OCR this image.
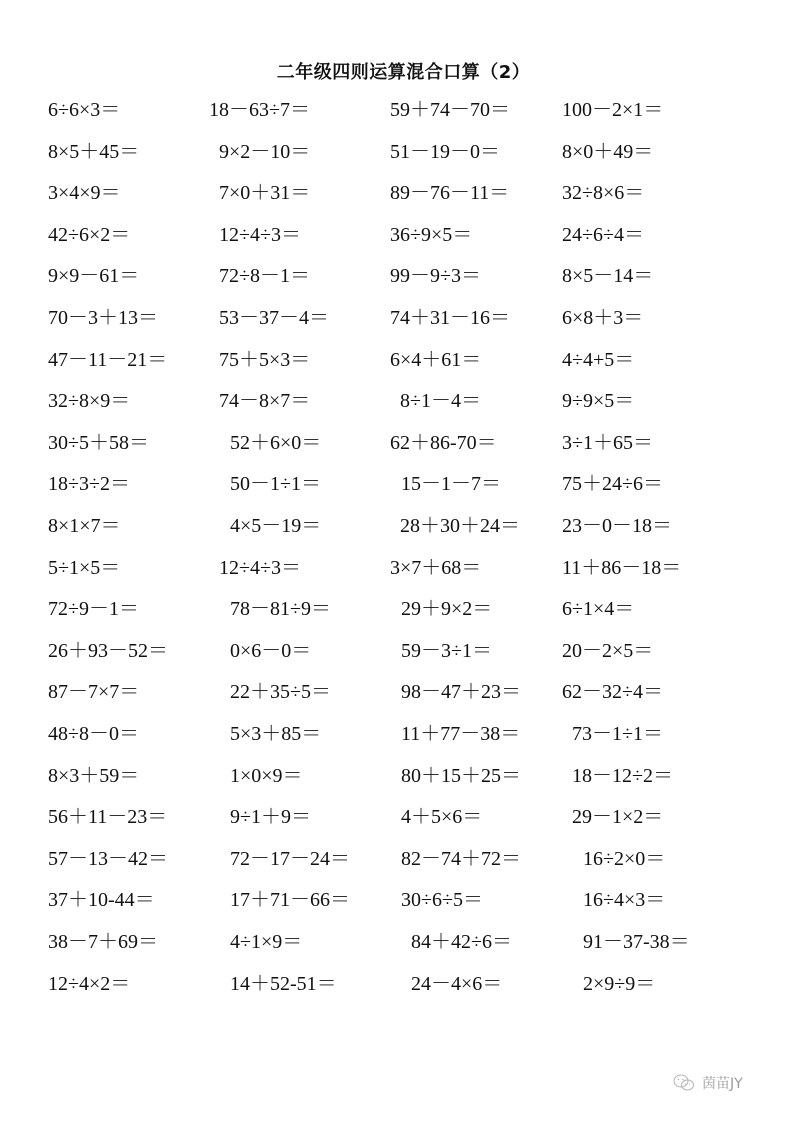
二年级四则运算混合口算（2）
6÷6×3＝	18－63÷7＝	59＋74－70＝	100－2×1＝
8×5＋45＝	9×2－10＝	51－19－0＝	8×0＋49＝
3×4×9＝	7×0＋31＝	89－76－11＝	32÷8×6＝
42÷6×2＝	12÷4÷3＝	36÷9×5＝	24÷6÷4＝
9×9－61＝	72÷8－1＝	99－9÷3＝	8×5－14＝
70－3＋13＝	53－37－4＝	74＋31－16＝	6×8＋3＝
47－11－21＝	75＋5×3＝	6×4＋61＝	4÷4+5＝
32÷8×9＝	74－8×7＝	8÷1－4＝	9÷9×5＝
30÷5＋58＝	52＋6×0＝	62＋86-70＝	3÷1＋65＝
18÷3÷2＝	50－1÷1＝	15－1－7＝	75＋24÷6＝
8×1×7＝	4×5－19＝	28＋30＋24＝ 23－0－18＝
5÷1×5＝	12÷4÷3＝	3×7＋68＝	11＋86－18＝
72÷9－1＝	78－81÷9＝	29＋9×2＝	6÷1×4＝
26＋93－52＝	0×6－0＝	59－3÷1＝	20－2×5＝
87－7×7＝	22＋35÷5＝	98－47＋23＝ 62－32÷4＝
48÷8－0＝	5×3＋85＝	11＋77－38＝	73－1÷1＝
8×3＋59＝	1×0×9＝	80＋15＋25＝	18－12÷2＝
56＋11－23＝	9÷1＋9＝	4＋5×6＝	29－1×2＝
57－13－42＝	72－17－24＝	82－74＋72＝	16÷2×0＝
37＋10-44＝	17＋71－66＝	30÷6÷5＝	16÷4×3＝
38－7＋69＝	4÷1×9＝	84＋42÷6＝	91－37-38＝
12÷4×2＝	14＋52-51＝	24－4×6＝	2×9÷9＝
茵苗JY
